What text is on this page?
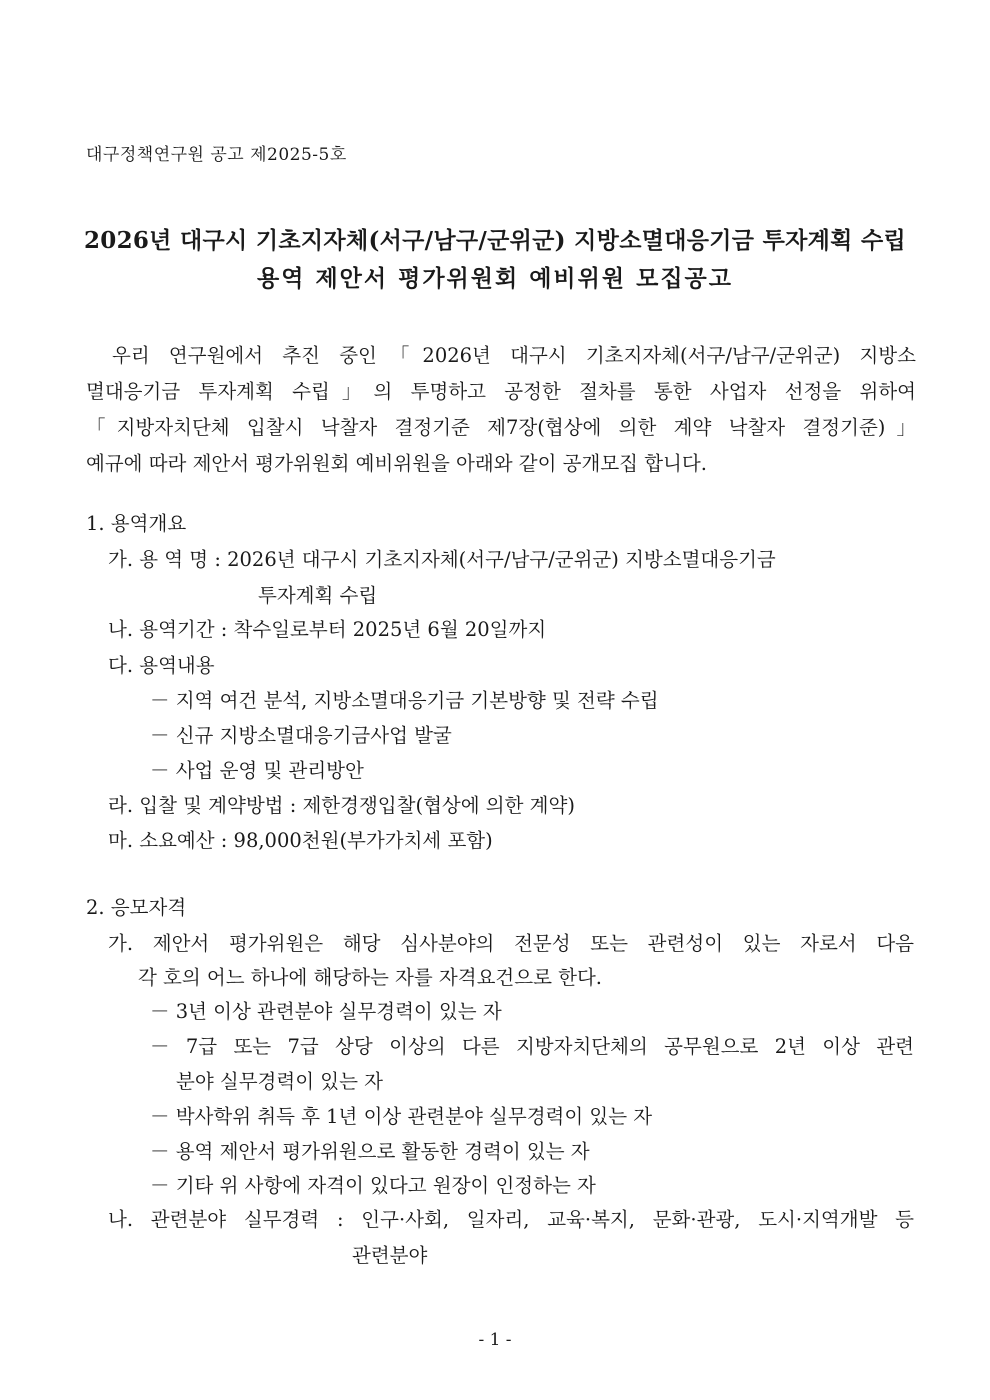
대구정책연구원 공고 제2025-5호
2026년 대구시 기초지자체(서구/남구/군위군) 지방소멸대응기금 투자계획 수립
용역 제안서 평가위원회 예비위원 모집공고
우리 연구원에서 추진 중인「2026년 대구시 기초지자체(서구/남구/군위군) 지방소
멸대응기금 투자계획 수립」의 투명하고 공정한 절차를 통한 사업자 선정을 위하여
「지방자치단체 입찰시 낙찰자 결정기준 제7장(협상에 의한 계약 낙찰자 결정기준)」
예규에 따라 제안서 평가위원회 예비위원을 아래와 같이 공개모집 합니다.
1. 용역개요
가. 용 역 명 : 2026년 대구시 기초지자체(서구/남구/군위군) 지방소멸대응기금
투자계획 수립
나. 용역기간 : 착수일로부터 2025년 6월 20일까지
다. 용역내용
－ 지역 여건 분석, 지방소멸대응기금 기본방향 및 전략 수립
－ 신규 지방소멸대응기금사업 발굴
－ 사업 운영 및 관리방안
라. 입찰 및 계약방법 : 제한경쟁입찰(협상에 의한 계약)
마. 소요예산 : 98,000천원(부가가치세 포함)
2. 응모자격
가. 제안서 평가위원은 해당 심사분야의 전문성 또는 관련성이 있는 자로서 다음
각 호의 어느 하나에 해당하는 자를 자격요건으로 한다.
－ 3년 이상 관련분야 실무경력이 있는 자
－ 7급 또는 7급 상당 이상의 다른 지방자치단체의 공무원으로 2년 이상 관련
분야 실무경력이 있는 자
－ 박사학위 취득 후 1년 이상 관련분야 실무경력이 있는 자
－ 용역 제안서 평가위원으로 활동한 경력이 있는 자
－ 기타 위 사항에 자격이 있다고 원장이 인정하는 자
나. 관련분야 실무경력 : 인구·사회, 일자리, 교육·복지, 문화·관광, 도시·지역개발 등
관련분야
- 1 -
